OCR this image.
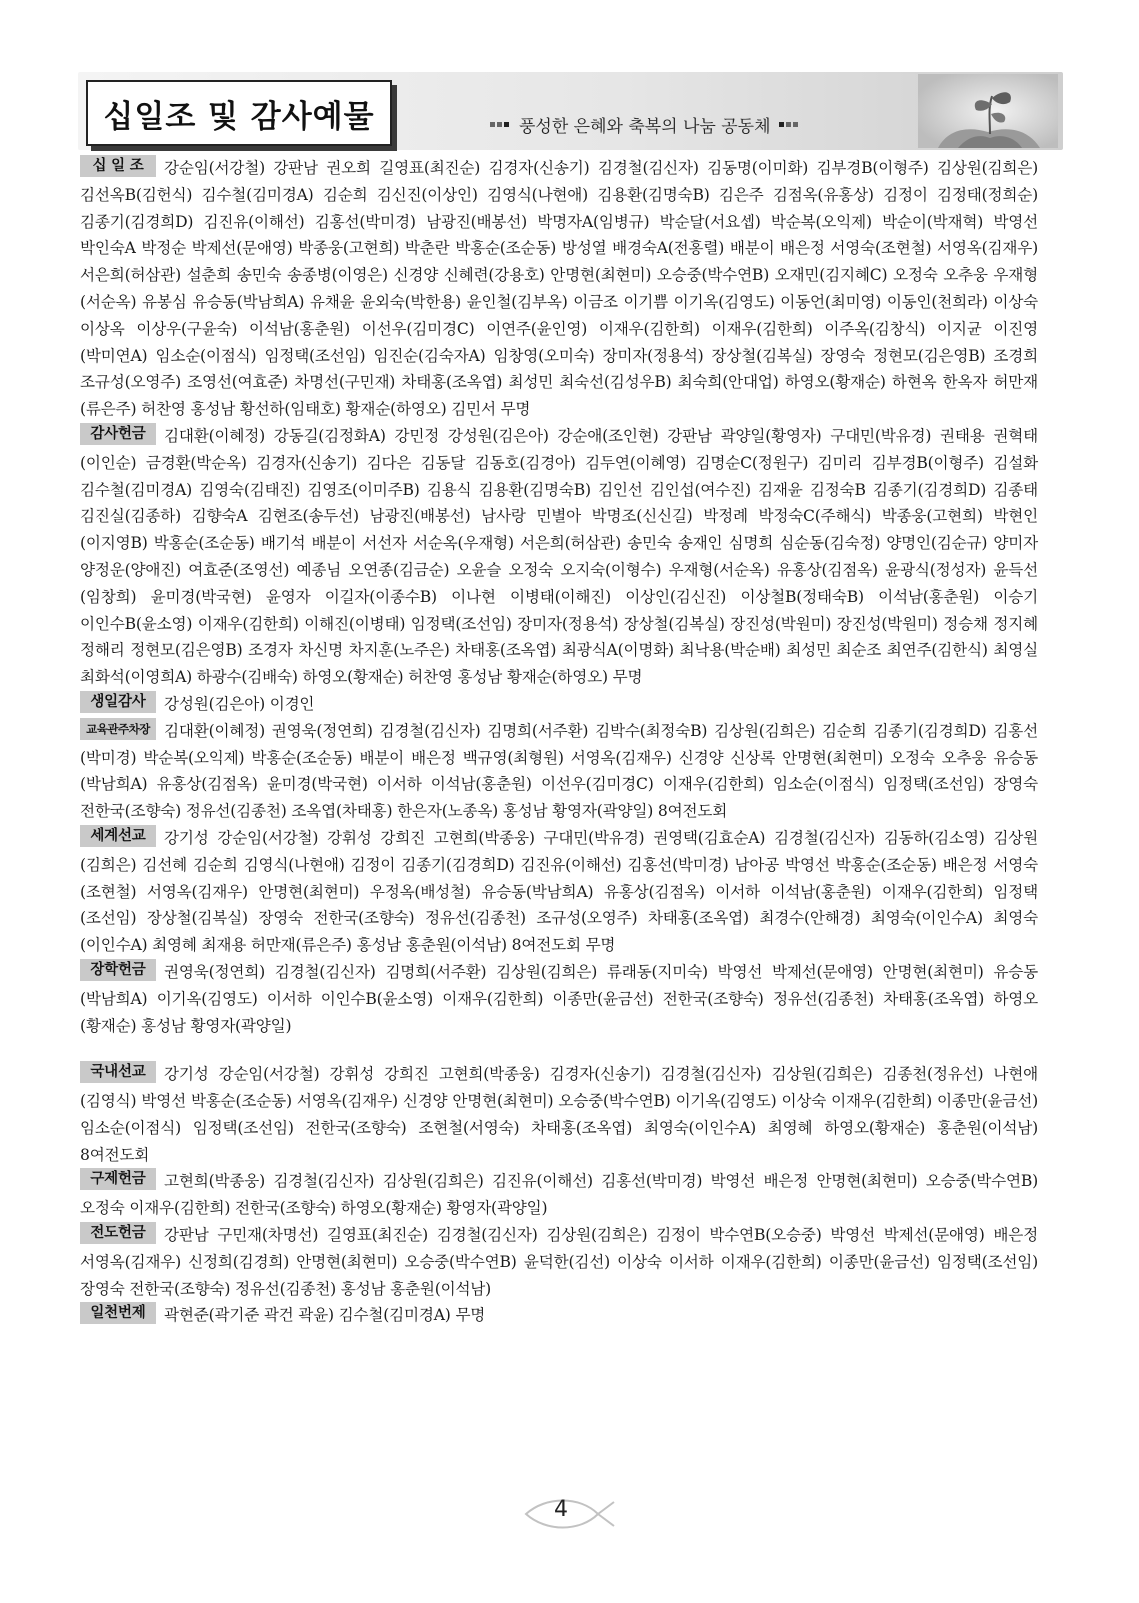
십일조 및 감사예물	풍성한 은혜와 축복의 나눔 공동체

십 일 조 강순임(서강철) 강판남 권오희 길영표(최진순) 김경자(신송기) 김경철(김신자) 김동명(이미화) 김부경B(이형주) 김상원(김희은) 김선옥B(김헌식) 김수철(김미경A) 김순희 김신진(이상인) 김영식(나현애) 김용환(김명숙B) 김은주 김점옥(유홍상) 김정이 김정태(정희순) 김종기(김경희D) 김진유(이해선) 김홍선(박미경) 남광진(배봉선) 박명자A(임병규) 박순달(서요셉) 박순복(오익제) 박순이(박재혁) 박영선 박인숙A 박정순 박제선(문애영) 박종웅(고현희) 박춘란 박홍순(조순동) 방성열 배경숙A(전홍렬) 배분이 배은정 서영숙(조현철) 서영옥(김재우) 서은희(허삼관) 설춘희 송민숙 송종병(이영은) 신경양 신혜련(강용호) 안명현(최현미) 오승중(박수연B) 오재민(김지혜C) 오정숙 오추웅 우재형(서순옥) 유봉심 유승동(박남희A) 유채윤 윤외숙(박한용) 윤인철(김부옥) 이금조 이기쁨 이기옥(김영도) 이동언(최미영) 이동인(천희라) 이상숙 이상옥 이상우(구윤숙) 이석남(홍춘원) 이선우(김미경C) 이연주(윤인영) 이재우(김한희) 이재우(김한희) 이주옥(김창식) 이지균 이진영(박미연A) 임소순(이점식) 임정택(조선임) 임진순(김숙자A) 임창영(오미숙) 장미자(정용석) 장상철(김복실) 장영숙 정현모(김은영B) 조경희 조규성(오영주) 조영선(여효준) 차명선(구민재) 차태홍(조옥엽) 최성민 최숙선(김성우B) 최숙희(안대업) 하영오(황재순) 하현옥 한옥자 허만재(류은주) 허찬영 홍성남 황선하(임태호) 황재순(하영오) 김민서 무명

감사헌금 김대환(이혜정) 강동길(김정화A) 강민정 강성원(김은아) 강순애(조인현) 강판남 곽양일(황영자) 구대민(박유경) 권태용 권혁태(이인순) 금경환(박순옥) 김경자(신송기) 김다은 김동달 김동호(김경아) 김두연(이혜영) 김명순C(정원구) 김미리 김부경B(이형주) 김설화 김수철(김미경A) 김영숙(김태진) 김영조(이미주B) 김용식 김용환(김명숙B) 김인선 김인섭(여수진) 김재윤 김정숙B 김종기(김경희D) 김종태 김진실(김종하) 김향숙A 김현조(송두선) 남광진(배봉선) 남사랑 민별아 박명조(신신길) 박정례 박정숙C(주해식) 박종웅(고현희) 박현인(이지영B) 박홍순(조순동) 배기석 배분이 서선자 서순옥(우재형) 서은희(허삼관) 송민숙 송재인 심명희 심순동(김숙정) 양명인(김순규) 양미자 양정운(양애진) 여효준(조영선) 예종님 오연종(김금순) 오윤슬 오정숙 오지숙(이형수) 우재형(서순옥) 유홍상(김점옥) 윤광식(정성자) 윤득선(임창희) 윤미경(박국현) 윤영자 이길자(이종수B) 이나현 이병태(이해진) 이상인(김신진) 이상철B(정태숙B) 이석남(홍춘원) 이승기 이인수B(윤소영) 이재우(김한희) 이해진(이병태) 임정택(조선임) 장미자(정용석) 장상철(김복실) 장진성(박원미) 장진성(박원미) 정승채 정지혜 정해리 정현모(김은영B) 조경자 차신명 차지훈(노주은) 차태홍(조옥엽) 최광식A(이명화) 최낙용(박순배) 최성민 최순조 최연주(김한식) 최영실 최화석(이영희A) 하광수(김배숙) 하영오(황재순) 허찬영 홍성남 황재순(하영오) 무명

생일감사 강성원(김은아) 이경인

교육관주차장 김대환(이혜정) 권영욱(정연희) 김경철(김신자) 김명희(서주환) 김박수(최정숙B) 김상원(김희은) 김순희 김종기(김경희D) 김홍선(박미경) 박순복(오익제) 박홍순(조순동) 배분이 배은정 백규영(최형원) 서영옥(김재우) 신경양 신상록 안명현(최현미) 오정숙 오추웅 유승동(박남희A) 유홍상(김점옥) 윤미경(박국현) 이서하 이석남(홍춘원) 이선우(김미경C) 이재우(김한희) 임소순(이점식) 임정택(조선임) 장영숙 전한국(조향숙) 정유선(김종천) 조옥엽(차태홍) 한은자(노종옥) 홍성남 황영자(곽양일) 8여전도회

세계선교 강기성 강순임(서강철) 강휘성 강희진 고현희(박종웅) 구대민(박유경) 권영택(김효순A) 김경철(김신자) 김동하(김소영) 김상원(김희은) 김선혜 김순희 김영식(나현애) 김정이 김종기(김경희D) 김진유(이해선) 김홍선(박미경) 남아공 박영선 박홍순(조순동) 배은정 서영숙(조현철) 서영옥(김재우) 안명현(최현미) 우정옥(배성철) 유승동(박남희A) 유홍상(김점옥) 이서하 이석남(홍춘원) 이재우(김한희) 임정택(조선임) 장상철(김복실) 장영숙 전한국(조향숙) 정유선(김종천) 조규성(오영주) 차태홍(조옥엽) 최경수(안해경) 최영숙(이인수A) 최영숙(이인수A) 최영혜 최재용 허만재(류은주) 홍성남 홍춘원(이석남) 8여전도회 무명

장학헌금 권영욱(정연희) 김경철(김신자) 김명희(서주환) 김상원(김희은) 류래동(지미숙) 박영선 박제선(문애영) 안명현(최현미) 유승동(박남희A) 이기옥(김영도) 이서하 이인수B(윤소영) 이재우(김한희) 이종만(윤금선) 전한국(조향숙) 정유선(김종천) 차태홍(조옥엽) 하영오(황재순) 홍성남 황영자(곽양일)

국내선교 강기성 강순임(서강철) 강휘성 강희진 고현희(박종웅) 김경자(신송기) 김경철(김신자) 김상원(김희은) 김종천(정유선) 나현애(김영식) 박영선 박홍순(조순동) 서영옥(김재우) 신경양 안명현(최현미) 오승중(박수연B) 이기옥(김영도) 이상숙 이재우(김한희) 이종만(윤금선) 임소순(이점식) 임정택(조선임) 전한국(조향숙) 조현철(서영숙) 차태홍(조옥엽) 최영숙(이인수A) 최영혜 하영오(황재순) 홍춘원(이석남) 8여전도회

구제헌금 고현희(박종웅) 김경철(김신자) 김상원(김희은) 김진유(이해선) 김홍선(박미경) 박영선 배은정 안명현(최현미) 오승중(박수연B) 오정숙 이재우(김한희) 전한국(조향숙) 하영오(황재순) 황영자(곽양일)

전도헌금 강판남 구민재(차명선) 길영표(최진순) 김경철(김신자) 김상원(김희은) 김정이 박수연B(오승중) 박영선 박제선(문애영) 배은정 서영옥(김재우) 신정희(김경희) 안명현(최현미) 오승중(박수연B) 윤덕한(김선) 이상숙 이서하 이재우(김한희) 이종만(윤금선) 임정택(조선임) 장영숙 전한국(조향숙) 정유선(김종천) 홍성남 홍춘원(이석남)

일천번제 곽현준(곽기준 곽건 곽윤) 김수철(김미경A) 무명

4
